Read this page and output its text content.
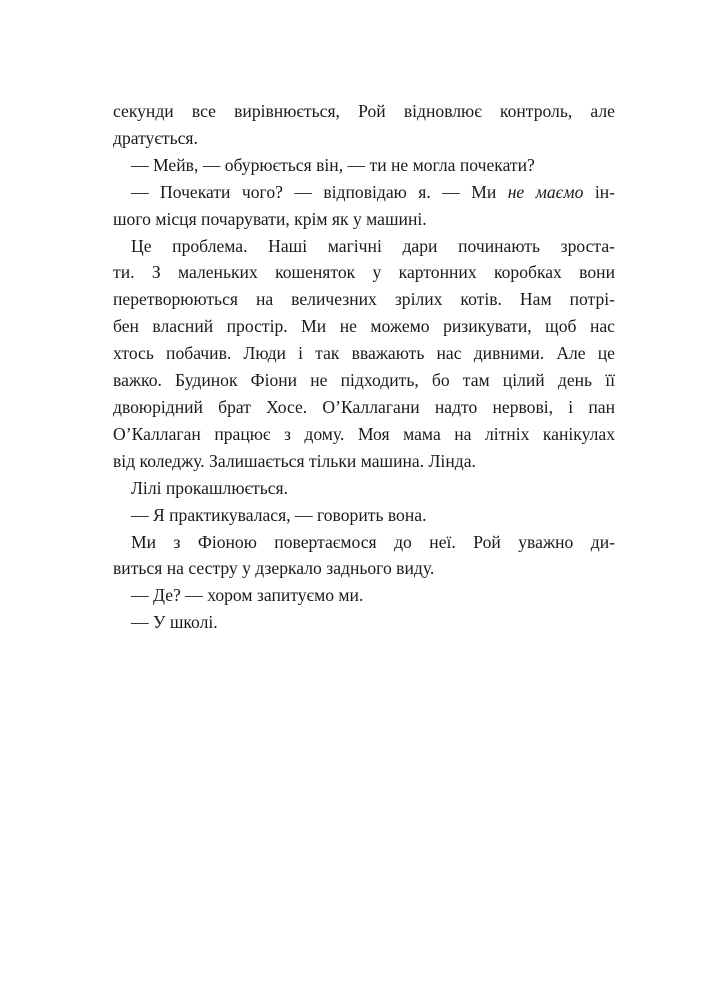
секунди все вирівнюється, Рой відновлює контроль, але
дратується.
— Мейв, — обурюється він, — ти не могла почекати?
— Почекати чого? — відповідаю я. — Ми не маємо ін-
шого місця почарувати, крім як у машині.
Це проблема. Наші магічні дари починають зроста-
ти. З маленьких кошеняток у картонних коробках вони
перетворюються на величезних зрілих котів. Нам потрі-
бен власний простір. Ми не можемо ризикувати, щоб нас
хтось побачив. Люди і так вважають нас дивними. Але це
важко. Будинок Фіони не підходить, бо там цілий день її
двоюрідний брат Хосе. О’Каллагани надто нервові, і пан
О’Каллаган працює з дому. Моя мама на літніх канікулах
від коледжу. Залишається тільки машина. Лінда.
Лілі прокашлюється.
— Я практикувалася, — говорить вона.
Ми з Фіоною повертаємося до неї. Рой уважно ди-
виться на сестру у дзеркало заднього виду.
— Де? — хором запитуємо ми.
— У школі.
